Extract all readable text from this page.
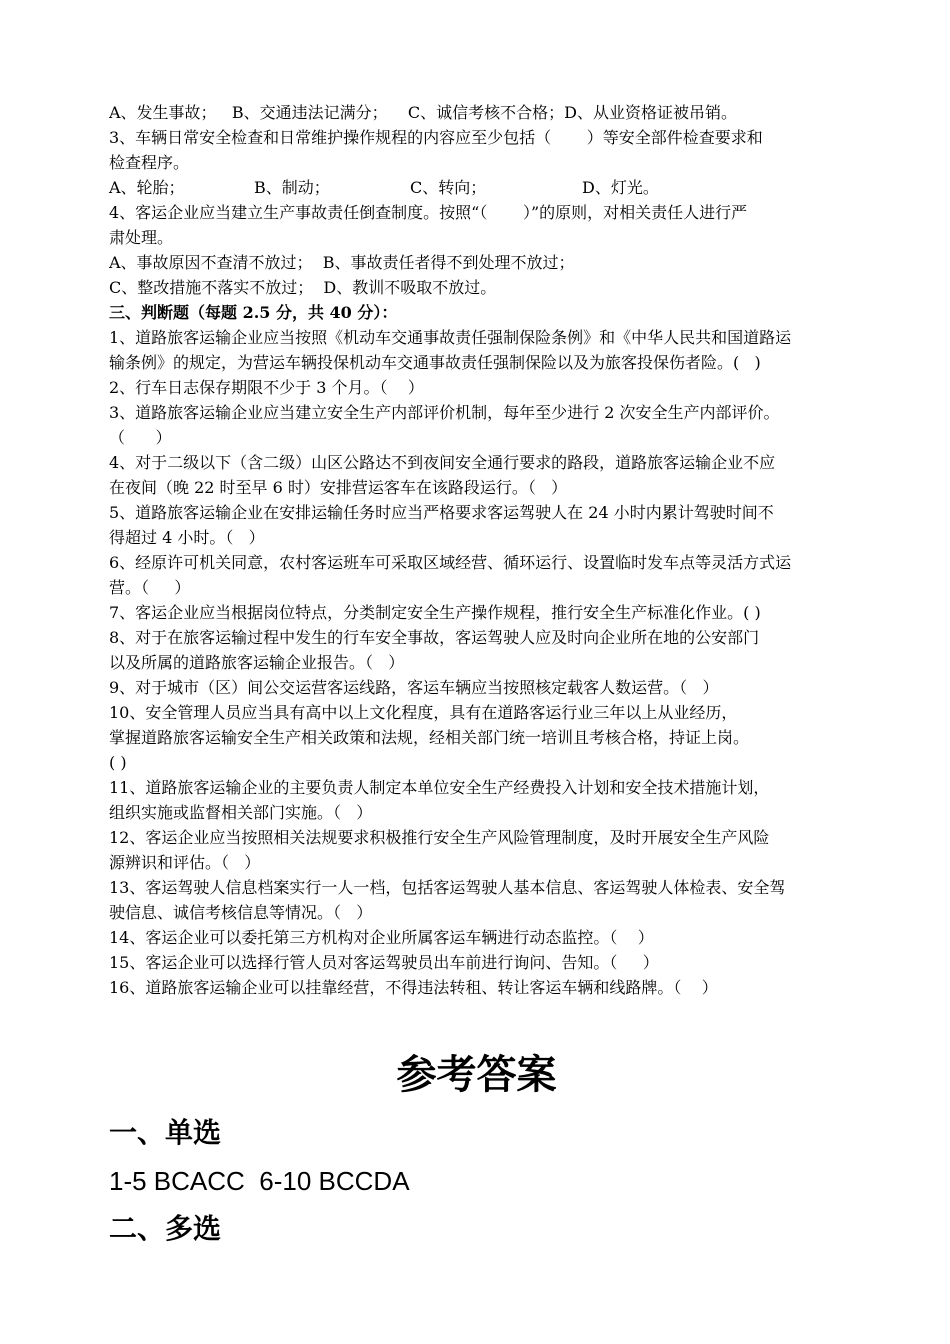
A、发生事故；   B、交通违法记满分；    C、诚信考核不合格；D、从业资格证被吊销。
3、车辆日常安全检查和日常维护操作规程的内容应至少包括（       ）等安全部件检查要求和
检查程序。
A、轮胎；	B、制动；	C、转向；	D、灯光。
4、客运企业应当建立生产事故责任倒查制度。按照“（       ）”的原则，对相关责任人进行严
肃处理。
A、事故原因不查清不放过；  B、事故责任者得不到处理不放过；
C、整改措施不落实不放过；  D、教训不吸取不放过。
三、判断题（每题 2.5 分，共 40 分）：
1、道路旅客运输企业应当按照《机动车交通事故责任强制保险条例》和《中华人民共和国道路运
输条例》的规定，为营运车辆投保机动车交通事故责任强制保险以及为旅客投保伤者险。(   )
2、行车日志保存期限不少于 3 个月。（    ）
3、道路旅客运输企业应当建立安全生产内部评价机制，每年至少进行 2 次安全生产内部评价。
（      ）
4、对于二级以下（含二级）山区公路达不到夜间安全通行要求的路段，道路旅客运输企业不应
在夜间（晚 22 时至早 6 时）安排营运客车在该路段运行。（   ）
5、道路旅客运输企业在安排运输任务时应当严格要求客运驾驶人在 24 小时内累计驾驶时间不
得超过 4 小时。（   ）
6、经原许可机关同意，农村客运班车可采取区域经营、循环运行、设置临时发车点等灵活方式运
营。（     ）
7、客运企业应当根据岗位特点，分类制定安全生产操作规程，推行安全生产标准化作业。( )
8、对于在旅客运输过程中发生的行车安全事故，客运驾驶人应及时向企业所在地的公安部门
以及所属的道路旅客运输企业报告。（   ）
9、对于城市（区）间公交运营客运线路，客运车辆应当按照核定载客人数运营。（   ）
10、安全管理人员应当具有高中以上文化程度，具有在道路客运行业三年以上从业经历，
掌握道路旅客运输安全生产相关政策和法规，经相关部门统一培训且考核合格，持证上岗。
( )
11、道路旅客运输企业的主要负责人制定本单位安全生产经费投入计划和安全技术措施计划，
组织实施或监督相关部门实施。（   ）
12、客运企业应当按照相关法规要求积极推行安全生产风险管理制度，及时开展安全生产风险
源辨识和评估。（   ）
13、客运驾驶人信息档案实行一人一档，包括客运驾驶人基本信息、客运驾驶人体检表、安全驾
驶信息、诚信考核信息等情况。（   ）
14、客运企业可以委托第三方机构对企业所属客运车辆进行动态监控。（    ）
15、客运企业可以选择行管人员对客运驾驶员出车前进行询问、告知。（     ）
16、道路旅客运输企业可以挂靠经营，不得违法转租、转让客运车辆和线路牌。（    ）
参考答案
一、单选
1-5 BCACC  6-10 BCCDA
二、多选
